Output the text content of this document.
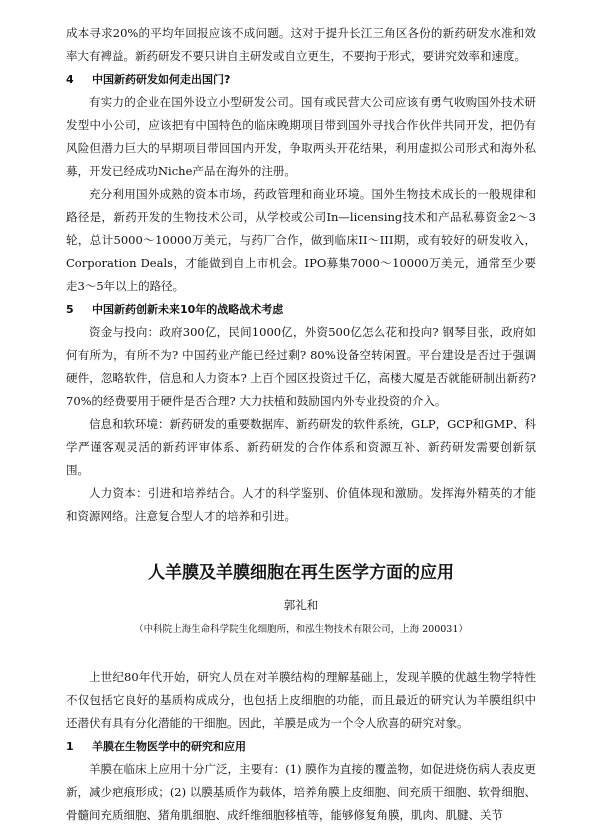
成本寻求20%的平均年回报应该不成问题。这对于提升长江三角区各份的新药研发水准和效率大有裨益。新药研发不要只讲自主研发或自立更生，不要拘于形式，要讲究效率和速度。

4 中国新药研发如何走出国门?

有实力的企业在国外设立小型研发公司。国有或民营大公司应该有勇气收购国外技术研发型中小公司，应该把有中国特色的临床晚期项目带到国外寻找合作伙伴共同开发，把仍有风险但潜力巨大的早期项目带回国内开发，争取两头开花结果，利用虚拟公司形式和海外私募，开发已经成功Niche产品在海外的注册。

充分利用国外成熟的资本市场，药政管理和商业环境。国外生物技术成长的一般规律和路径是，新药开发的生物技术公司，从学校或公司In—licensing技术和产品私募资金2～3轮，总计5000～10000万美元，与药厂合作，做到临床II～III期，或有较好的研发收入，Corporation Deals，才能做到自上市机会。IPO募集7000～10000万美元，通常至少要走3～5年以上的路径。

5 中国新药创新未来10年的战略战术考虑

资金与投向：政府300亿，民间1000亿，外资500亿怎么花和投向? 钢琴目张，政府如何有所为，有所不为? 中国药业产能已经过剩? 80%设备空转闲置。平台建设是否过于强调硬件，忽略软件，信息和人力资本? 上百个园区投资过千亿，高楼大厦是否就能研制出新药? 70%的经费要用于硬件是否合理? 大力扶植和鼓励国内外专业投资的介入。

信息和软环境：新药研发的重要数据库、新药研发的软件系统，GLP，GCP和GMP、科学严谨客观灵活的新药评审体系、新药研发的合作体系和资源互补、新药研发需要创新氛围。

人力资本：引进和培养结合。人才的科学鉴别、价值体现和激励。发挥海外精英的才能和资源网络。注意复合型人才的培养和引进。

人羊膜及羊膜细胞在再生医学方面的应用
郭礼和
（中科院上海生命科学院生化细胞所，和泓生物技术有限公司，上海 200031）

上世纪80年代开始，研究人员在对羊膜结构的理解基础上，发现羊膜的优越生物学特性不仅包括它良好的基质构成成分，也包括上皮细胞的功能，而且最近的研究认为羊膜组织中还潜伏有具有分化潜能的干细胞。因此，羊膜是成为一个令人欣喜的研究对象。

1 羊膜在生物医学中的研究和应用

羊膜在临床上应用十分广泛，主要有：(1) 膜作为直接的覆盖物，如促进烧伤病人表皮更新，减少疤痕形成；(2) 以膜基质作为载体，培养角膜上皮细胞、间充质干细胞、软骨细胞、骨髓间充质细胞、猪角肌细胞、成纤维细胞移植等，能够修复角膜，肌肉、肌腱、关节
